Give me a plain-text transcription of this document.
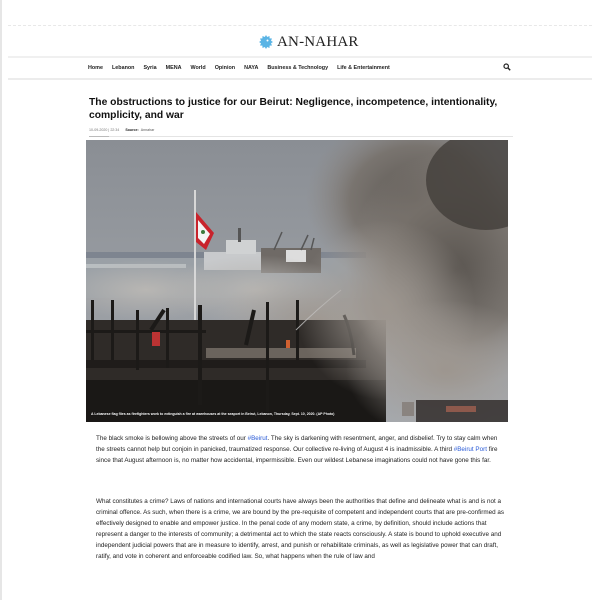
AN-NAHAR
Home Lebanon Syria MENA World Opinion NAYA Business & Technology Life & Entertainment
The obstructions to justice for our Beirut: Negligence, incompetence, intentionality, complicity, and war
10-09-2020 | 22:34 Source: Annahar
A Lebanese flag flies as firefighters work to extinguish a fire at warehouses at the seaport in Beirut, Lebanon, Thursday, Sept. 10, 2020. (AP Photo)

The black smoke is bellowing above the streets of our #Beirut. The sky is darkening with resentment, anger, and disbelief. Try to stay calm when the streets cannot help but conjoin in panicked, traumatized response. Our collective re-living of August 4 is inadmissible. A third #Beirut Port fire since that August afternoon is, no matter how accidental, impermissible. Even our wildest Lebanese imaginations could not have gone this far.

What constitutes a crime? Laws of nations and international courts have always been the authorities that define and delineate what is and is not a criminal offence. As such, when there is a crime, we are bound by the pre-requisite of competent and independent courts that are pre-confirmed as effectively designed to enable and empower justice. In the penal code of any modern state, a crime, by definition, should include actions that represent a danger to the interests of community; a detrimental act to which the state reacts consciously. A state is bound to uphold executive and independent judicial powers that are in measure to identify, arrest, and punish or rehabilitate criminals, as well as legislative power that can draft, ratify, and vote in coherent and enforceable codified law. So, what happens when the rule of law and
